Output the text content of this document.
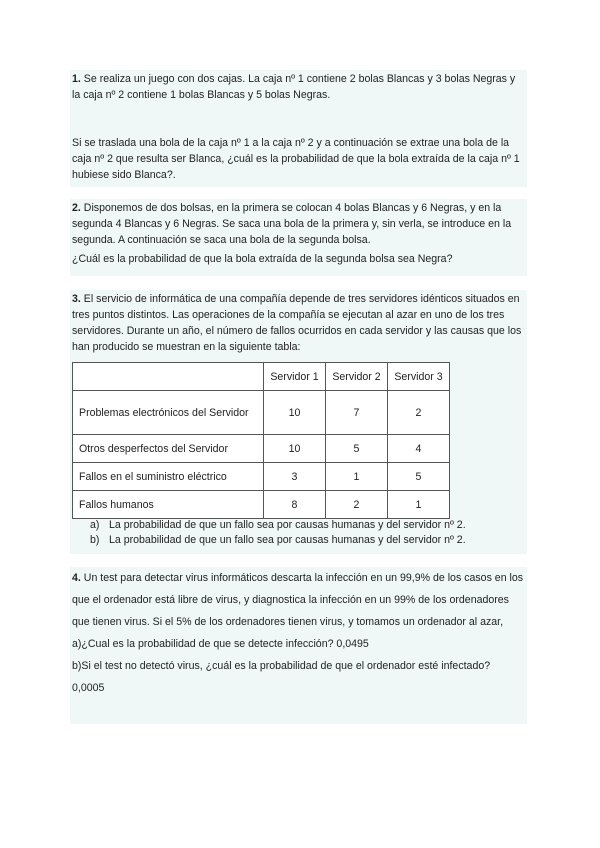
1. Se realiza un juego con dos cajas. La caja nº 1 contiene 2 bolas Blancas y 3 bolas Negras y la caja nº 2 contiene 1 bolas Blancas y 5 bolas Negras.

Si se traslada una bola de la caja nº 1 a la caja nº 2 y a continuación se extrae una bola de la caja nº 2 que resulta ser Blanca, ¿cuál es la probabilidad de que la bola extraída de la caja nº 1 hubiese sido Blanca?.

2. Disponemos de dos bolsas, en la primera se colocan 4 bolas Blancas y 6 Negras, y en la segunda 4 Blancas y 6 Negras. Se saca una bola de la primera y, sin verla, se introduce en la segunda. A continuación se saca una bola de la segunda bolsa.

¿Cuál es la probabilidad de que la bola extraída de la segunda bolsa sea Negra?

3. El servicio de informática de una compañía depende de tres servidores idénticos situados en tres puntos distintos. Las operaciones de la compañía se ejecutan al azar en uno de los tres servidores. Durante un año, el número de fallos ocurridos en cada servidor y las causas que los han producido se muestran en la siguiente tabla:

	Servidor 1	Servidor 2	Servidor 3
Problemas electrónicos del Servidor	10	7	2
Otros desperfectos del Servidor	10	5	4
Fallos en el suministro eléctrico	3	1	5
Fallos humanos	8	2	1
a) La probabilidad de que un fallo sea por causas humanas y del servidor nº 2.
b) La probabilidad de que un fallo sea por causas humanas y del servidor nº 2.

4. Un test para detectar virus informáticos descarta la infección en un 99,9% de los casos en los que el ordenador está libre de virus, y diagnostica la infección en un 99% de los ordenadores que tienen virus. Si el 5% de los ordenadores tienen virus, y tomamos un ordenador al azar,

a)¿Cual es la probabilidad de que se detecte infección? 0,0495

b)Si el test no detectó virus, ¿cuál es la probabilidad de que el ordenador esté infectado? 0,0005
